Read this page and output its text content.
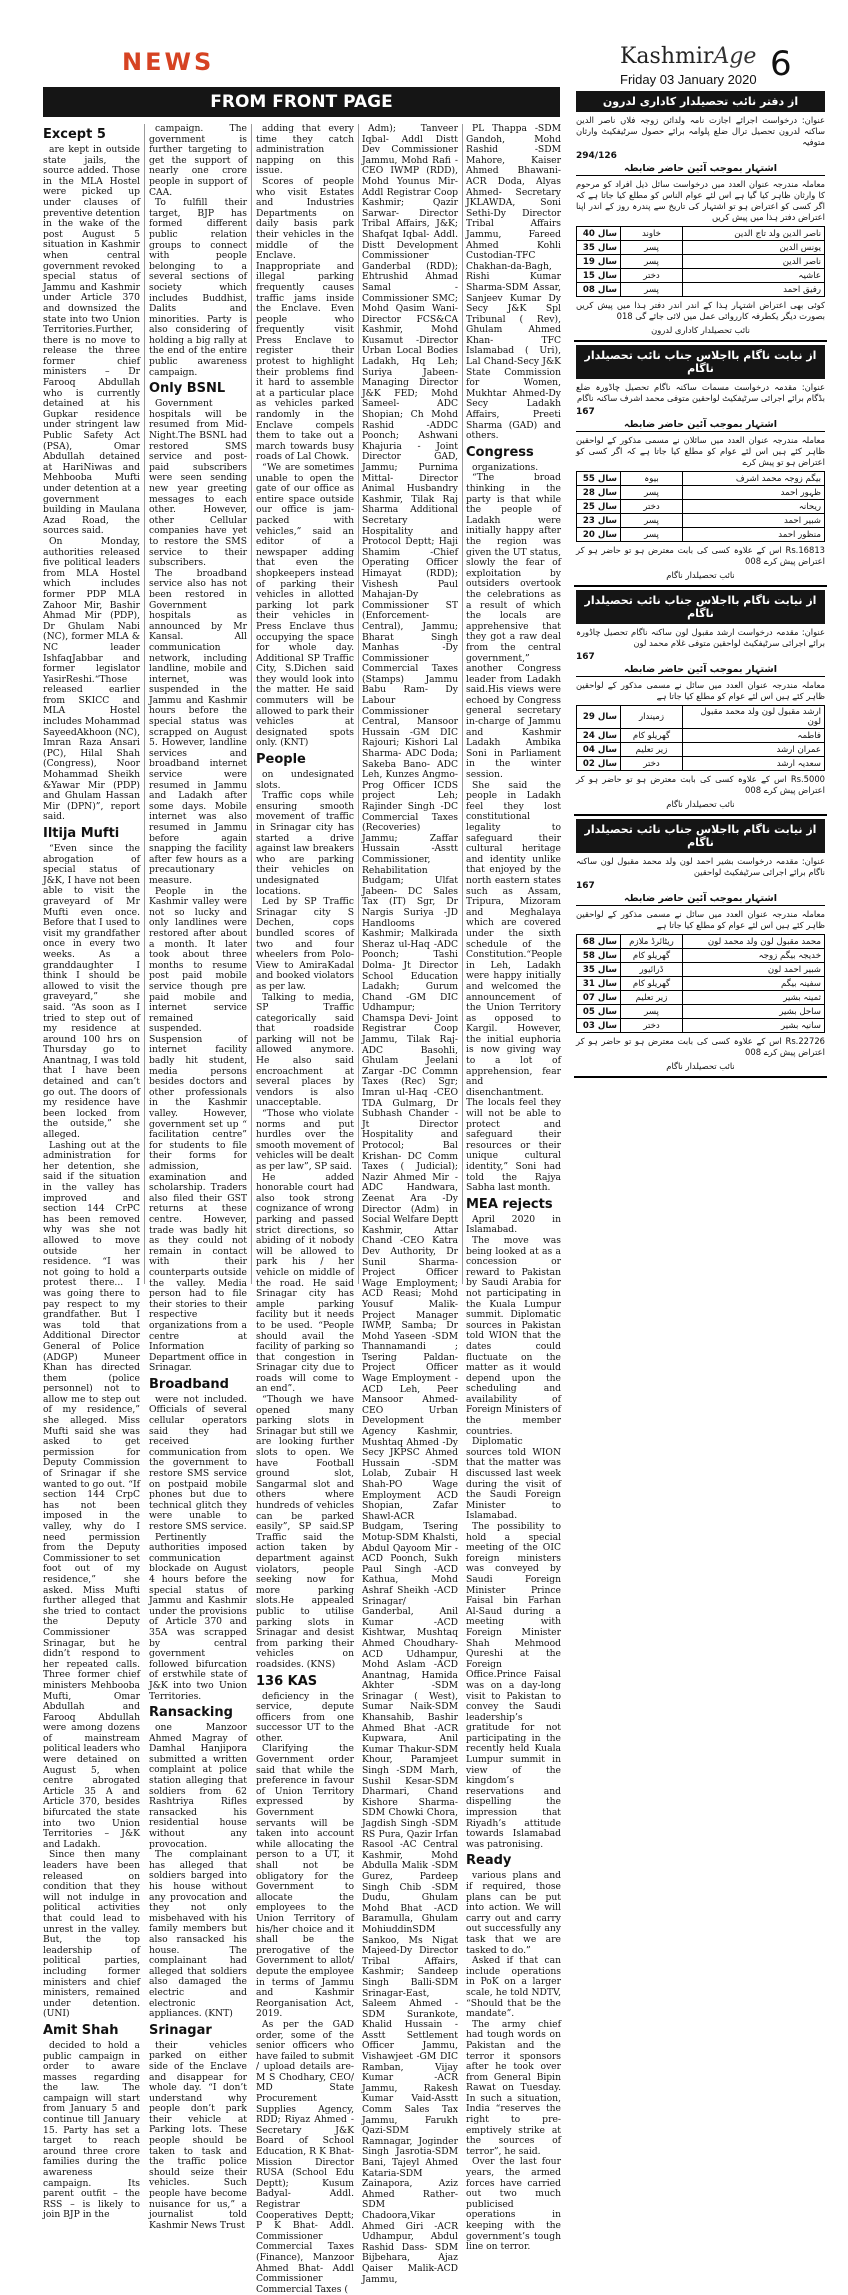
NEWS	KashmirAge
Friday 03 January 2020 6
FROM FRONT PAGE
Except 5

are kept in outside state jails, the source added. Those in the MLA Hostel were picked up under clauses of preventive detention in the wake of the post August 5 situation in Kashmir when central government revoked special status of Jammu and Kashmir under Article 370 and downsized the state into two Union Territories.Further, there is no move to release the three former chief ministers – Dr Farooq Abdullah who is currently detained at his Gupkar residence under stringent law Public Safety Act (PSA), Omar Abdullah detained at HariNiwas and Mehbooba Mufti under detention at a government building in Maulana Azad Road, the sources said.

On Monday, authorities released five political leaders from MLA Hostel which includes former PDP MLA Zahoor Mir, Bashir Ahmad Mir (PDP), Dr Ghulam Nabi (NC), former MLA & NC leader IshfaqJabbar and former legislator YasirReshi.“Those released earlier from SKICC and MLA Hostel includes Mohammad SayeedAkhoon (NC), Imran Raza Ansari (PC), Hilal Shah (Congress), Noor Mohammad Sheikh &Yawar Mir (PDP) and Ghulam Hassan Mir (DPN)”, report said.

Iltija Mufti

“Even since the abrogation of special status of J&K, I have not been able to visit the graveyard of Mr Mufti even once. Before that I used to visit my grandfather once in every two weeks. As a granddaughter I think I should be allowed to visit the graveyard,” she said. “As soon as I tried to step out of my residence at around 100 hrs on Thursday go to Anantnag, I was told that I have been detained and can’t go out. The doors of my residence have been locked from the outside,” she alleged.

Lashing out at the administration for her detention, she said if the situation in the valley has improved and section 144 CrPC has been removed why was she not allowed to move outside her residence. “I was not going to hold a protest there... I was going there to pay respect to my grandfather. But I was told that Additional Director General of Police (ADGP) Muneer Khan has directed them (police personnel) not to allow me to step out of my residence,” she alleged. Miss Mufti said she was asked to get permission for Deputy Commission of Srinagar if she wanted to go out. “If section 144 CrpC has not been imposed in the valley, why do I need permission from the Deputy Commissioner to set foot out of my residence,” she asked. Miss Mufti further alleged that she tried to contact the Deputy Commissioner Srinagar, but he didn’t respond to her repeated calls. Three former chief ministers Mehbooba Mufti, Omar Abdullah and Farooq Abdullah were among dozens of mainstream political leaders who were detained on August 5, when centre abrogated Article 35 A and Article 370, besides bifurcated the state into two Union Territories – J&K and Ladakh.

Since then many leaders have been released on condition that they will not indulge in political activities that could lead to unrest in the valley. But, the top leadership of political parties, including former ministers and chief ministers, remained under detention. (UNI)

Amit Shah

decided to hold a public campaign in order to aware masses regarding the law. The campaign will start from January 5 and continue till January 15. Party has set a target to reach around three crore families during the awareness campaign. Its parent outfit – the RSS – is likely to join BJP in the

campaign. The government is further targeting to get the support of nearly one crore people in support of CAA.

To fulfill their target, BJP has formed different public relation groups to connect with people belonging to a several sections of society which includes Buddhist, Dalits and minorities. Party is also considering of holding a big rally at the end of the entire public awareness campaign.

Only BSNL

Government hospitals will be resumed from Mid-Night.The BSNL had restored SMS service and post-paid subscribers were seen sending new year greeting messages to each other. However, other Cellular companies have yet to restore the SMS service to their subscribers.

The broadband service also has not been restored in Government hospitals as announced by Mr Kansal. All communication network, including landline, mobile and internet, was suspended in the Jammu and Kashmir hours before the special status was scrapped on August 5. However, landline services and broadband internet service were resumed in Jammu and Ladakh after some days. Mobile internet was also resumed in Jammu before again snapping the facility after few hours as a precautionary measure.

People in the Kashmir valley were not so lucky and only landlines were restored after about a month. It later took about three months to resume post paid mobile service though pre paid mobile and internet service remained suspended. Suspension of internet facility badly hit student, media persons besides doctors and other professionals in the Kashmir valley. However, government set up “ facilitation centre” for students to file their forms for admission, examination and scholarship. Traders also filed their GST returns at these centre. However, trade was badly hit as they could not remain in contact with their counterparts outside the valley. Media person had to file their stories to their respective organizations from a centre at Information Department office in Srinagar.

Broadband

were not included. Officials of several cellular operators said they had received communication from the government to restore SMS service on postpaid mobile phones but due to technical glitch they were unable to restore SMS service.

Pertinently authorities imposed communication blockade on August 4 hours before the special status of Jammu and Kashmir under the provisions of Article 370 and 35A was scrapped by central government followed bifurcation of erstwhile state of J&K into two Union Territories.

Ransacking

one Manzoor Ahmed Magray of Damhal Hanjipora submitted a written complaint at police station alleging that soldiers from 62 Rashtriya Rifles ransacked his residential house without any provocation.

The complainant has alleged that soldiers barged into his house without any provocation and they not only misbehaved with his family members but also ransacked his house. The complainant had alleged that soldiers also damaged the electric and electronic appliances. (KNT)

Srinagar

their vehicles parked on either side of the Enclave and disappear for whole day. “I don’t understand why people don’t park their vehicle at Parking lots. These people should be taken to task and the traffic police should seize their vehicles. Such people have become nuisance for us,” a journalist told Kashmir News Trust

adding that every time they catch administration napping on this issue.

Scores of people who visit Estates and Industries Departments on daily basis park their vehicles in the middle of the Enclave. Inappropriate and illegal parking frequently causes traffic jams inside the Enclave. Even people who frequently visit Press Enclave to register their protest to highlight their problems find it hard to assemble at a particular place as vehicles parked randomly in the Enclave compels them to take out a march towards busy roads of Lal Chowk.

“We are sometimes unable to open the gate of our office as entire space outside our office is jam-packed with vehicles,” said an editor of a newspaper adding that even the shopkeepers instead of parking their vehicles in allotted parking lot park their vehicles in Press Enclave thus occupying the space for whole day. Additional SP Traffic City, S.Dichen said they would look into the matter. He said commuters will be allowed to park their vehicles at designated spots only. (KNT)

People

on undesignated slots.

Traffic cops while ensuring smooth movement of traffic in Srinagar city has started a drive against law breakers who are parking their vehicles on undesignated locations.

Led by SP Traffic Srinagar city S Dechen, cops bundled scores of two and four wheelers from Polo-View to AmiraKadal and booked violators as per law.

Talking to media, SP Traffic categorically said that roadside parking will not be allowed anymore. He also said encroachment at several places by vendors is also unacceptable.

“Those who violate norms and put hurdles over the smooth movement of vehicles will be dealt as per law”, SP said.

He added honorable court had also took strong cognizance of wrong parking and passed strict directions, so abiding of it nobody will be allowed to park his / her vehicle on middle of the road. He said Srinagar city has ample parking facility but it needs to be used. “People should avail the facility of parking so that congestion in Srinagar city due to roads will come to an end”.

“Though we have opened many parking slots in Srinagar but still we are looking further slots to open. We have Football ground slot, Sangarmal slot and others where hundreds of vehicles can be parked easily”, SP said.SP Traffic said the action taken by department against violators, people seeking now for more parking slots.He appealed public to utilise parking slots in Srinagar and desist from parking their vehicles on roadsides. (KNS)

136 KAS

deficiency in the service, depute officers from one successor UT to the other.

Clarifying the Government order said that while the preference in favour of Union Territory expressed by Government servants will be taken into account while allocating the person to a UT, it shall not be obligatory for the Government to allocate the employees to the Union Territory of his/her choice and it shall be the prerogative of the Government to allot/ depute the employee in terms of Jammu and Kashmir Reorganisation Act, 2019.

As per the GAD order, some of the senior officers who have failed to submit / upload details are- M S Chodhary, CEO/ MD State Procurement Supplies Agency, RDD; Riyaz Ahmed -Secretary J&K Board of School Education, R K Bhat- Mission Director RUSA (School Edu Deptt); Kusum Badyal- Addl. Registrar Cooperatives Deptt; P K Bhat- Addl. Commissioner Commercial Taxes (Finance), Manzoor Ahmed Bhat- Addl Commissioner Commercial Taxes (

Adm); Tanveer Iqbal- Addl Distt Dev Commissioner Jammu, Mohd Rafi -CEO IWMP (RDD), Mohd Younus Mir- Addl Registrar Coop Kashmir; Qazir Sarwar- Director Tribal Affairs, J&K; Shafqat Iqbal- Addl. Distt Development Commissioner Ganderbal (RDD); Ehtrushid Ahmad Samal -Commissioner SMC; Mohd Qasim Wani- Director FCS&CA Kashmir, Mohd Kusamut -Director Urban Local Bodies Ladakh, Hq Leh; Suriya Jabeen- Managing Director J&K FED; Mohd Sameel- ADC Shopian; Ch Mohd Rashid -ADDC Poonch; Ashwani Khajuria - Joint Director GAD, Jammu; Purnima Mittal- Director Animal Husbandry Kashmir, Tilak Raj Sharma Additional Secretary Hospitality and Protocol Deptt; Haji Shamim -Chief Operating Officer Himayat (RDD); Vishesh Paul Mahajan-Dy Commissioner ST (Enforcement-Central), Jammu; Bharat Singh Manhas -Dy Commissioner Commercial Taxes (Stamps) Jammu Babu Ram- Dy Labour Commissioner Central, Mansoor Hussain -GM DIC Rajouri; Kishori Lal Sharma- ADC Doda; Sakeba Bano- ADC Leh, Kunzes Angmo- Prog Officer ICDS project Leh; Rajinder Singh -DC Commercial Taxes (Recoveries) Jammu; Zaffar Hussain -Asstt Commissioner, Rehabilitation Budgam; Ulfat Jabeen- DC Sales Tax (IT) Sgr, Dr Nargis Suriya -JD Handlooms Kashmir; Malkirada Sheraz ul-Haq -ADC Poonch; Tashi Dolma- Jt Director School Education Ladakh; Gurum Chand -GM DIC Udhampur; Chamspa Devi- Joint Registrar Coop Jammu, Tilak Raj- ADC Basohli, Ghulam Jeelani Zargar -DC Commn Taxes (Rec) Sgr; Imran ul-Haq -CEO TDA Gulmarg, Dr Subhash Chander -Jt Director Hospitality and Protocol; Bal Krishan- DC Comm Taxes ( Judicial); Nazir Ahmed Mir -ADC Handwara, Zeenat Ara -Dy Director (Adm) in Social Welfare Deptt Kashmir, Attar Chand -CEO Katra Dev Authority, Dr Sunil Sharma- Project Officer Wage Employment; ACD Reasi; Mohd Yousuf Malik- Project Manager IWMP, Samba; Dr Mohd Yaseen -SDM Thannamandi ; Tsering Paldan- Project Officer Wage Employment -ACD Leh, Peer Mansoor Ahmed- CEO Urban Development Agency Kashmir, Mushtaq Ahmed -Dy Secy JKPSC Ahmed Hussain -SDM Lolab, Zubair H Shah-PO Wage Employment ACD Shopian, Zafar Shawl-ACR Budgam, Tsering Motup-SDM Khalsti, Abdul Qayoom Mir -ACD Poonch, Sukh Paul Singh -ACD Kathua, Mohd Ashraf Sheikh -ACD Srinagar/ Ganderbal, Anil Kumar -ACD Kishtwar, Mushtaq Ahmed Choudhary-ACD Udhampur, Mohd Aslam -ACD Anantnag, Hamida Akhter -SDM Srinagar ( West), Sumar Naik-SDM Khansahib, Bashir Ahmed Bhat -ACR Kupwara, Anil Kumar Thakur-SDM Khour, Paramjeet Singh -SDM Marh, Sushil Kesar-SDM Dharmari, Chand Kishore Sharma-SDM Chowki Chora, Jagdish Singh -SDM RS Pura, Qazir Irfan Rasool -AC Central Kashmir, Mohd Abdulla Malik -SDM Gurez, Pardeep Singh Chib -SDM Dudu, Ghulam Mohd Bhat -ACD Baramulla, Ghulam MohiuddinSDM Sankoo, Ms Nigat Majeed-Dy Director Tribal Affairs, Kashmir; Sandeep Singh Balli-SDM Srinagar-East, Saleem Ahmed -SDM Surankote, Khalid Hussain -Asstt Settlement Officer Jammu, Vishawjeet -GM DIC Ramban, Vijay Kumar -ACR Jammu, Rakesh Kumar Vaid-Asstt Comm Sales Tax Jammu, Farukh Qazi-SDM Ramnagar, Joginder Singh Jasrotia-SDM Bani, Tajeyl Ahmed Kataria-SDM Zainapora, Aziz Ahmed Rather- SDM Chadoora,Vikar Ahmed Giri -ACR Udhampur, Abdul Rashid Dass- SDM Bijbehara, Ajaz Qaiser Malik-ACD Jammu,

PL Thappa -SDM Gandoh, Mohd Rashid -SDM Mahore, Kaiser Ahmed Bhawani- ACR Doda, Alyas Ahmed- Secretary JKLAWDA, Soni Sethi-Dy Director Tribal Affairs Jammu, Fareed Ahmed Kohli Custodian-TFC Chakhan-da-Bagh, Rishi Kumar Sharma-SDM Assar, Sanjeev Kumar Dy Secy J&K Spl Tribunal ( Rev), Ghulam Ahmed Khan- TFC Islamabad ( Uri), Lal Chand-Secy J&K State Commission for Women, Mukhtar Ahmed-Dy Secy Ladakh Affairs, Preeti Sharma (GAD) and others.

Congress

organizations.

“The broad thinking in the party is that while the people of Ladakh were initially happy after the region was given the UT status, slowly the fear of exploitation by outsiders overtook the celebrations as a result of which the locals are apprehensive that they got a raw deal from the central government,” another Congress leader from Ladakh said.His views were echoed by Congress general secretary in-charge of Jammu and Kashmir Ladakh Ambika Soni in Parliament in the winter session.

She said the people in Ladakh feel they lost constitutional legality to safeguard their cultural heritage and identity unlike that enjoyed by the north eastern states such as Assam, Tripura, Mizoram and Meghalaya which are covered under the sixth schedule of the Constitution.“People in Leh, Ladakh were happy initially and welcomed the announcement of the Union Territory as opposed to Kargil. However, the initial euphoria is now giving way to a lot of apprehension, fear and disenchantment. The locals feel they will not be able to protect and safeguard their resources or their unique cultural identity,” Soni had told the Rajya Sabha last month.

MEA rejects

April 2020 in Islamabad.

The move was being looked at as a concession or reward to Pakistan by Saudi Arabia for not participating in the Kuala Lumpur summit. Diplomatic sources in Pakistan told WION that the dates could fluctuate on the matter as it would depend upon the scheduling and availability of Foreign Ministers of the member countries.

Diplomatic sources told WION that the matter was discussed last week during the visit of the Saudi Foreign Minister to Islamabad.

The possibility to hold a special meeting of the OIC foreign ministers was conveyed by Saudi Foreign Minister Prince Faisal bin Farhan Al-Saud during a meeting with Foreign Minister Shah Mehmood Qureshi at the Foreign Office.Prince Faisal was on a day-long visit to Pakistan to convey the Saudi leadership’s gratitude for not participating in the recently held Kuala Lumpur summit in view of the kingdom’s reservations and dispelling the impression that Riyadh’s attitude towards Islamabad was patronising.

Ready

various plans and if required, those plans can be put into action. We will carry out and carry out successfully any task that we are tasked to do.”

Asked if that can include operations in PoK on a larger scale, he told NDTV, “Should that be the mandate”.

The army chief had tough words on Pakistan and the terror it sponsors after he took over from General Bipin Rawat on Tuesday. In such a situation, India “reserves the right to pre-emptively strike at the sources of terror”, he said.

Over the last four years, the armed forces have carried out two much publicised operations in keeping with the government’s tough line on terror.

از دفتر نائب تحصیلدار کاداری لدرون
عنوان: درخواست اجرائے اجازت نامہ ولدائن زوجہ فلاں ناصر الدین ساکنہ لدرون تحصیل ترال ضلع پلوامہ برائے حصول سرٹیفکیٹ وارثان متوفیہ
294/126
اشتہار بموجب آئین حاضر ضابطہ
معاملہ مندرجہ عنوان العدد میں درخواست سائل ذیل افراد کو مرحوم کا وارثان ظاہر کیا گیا ہے اس لئے عوام الناس کو مطلع کیا جاتا ہے کہ اگر کسی کو اعتراض ہو تو اشتہار کی تاریخ سے پندرہ روز کے اندر اپنا اعتراض دفتر ہذا میں پیش کریں
ناصر الدین ولد تاج الدین	خاوند	40 سال
یونس الدین	پسر	35 سال
ناصر الدین	پسر	19 سال
عاشیہ	دختر	15 سال
رفیق احمد	پسر	08 سال
کوئی بھی اعتراض اشتہار ہذا کے اندر اندر دفتر ہذا میں پیش کریں بصورت دیگر یکطرفہ کارروائی عمل میں لائی جائے گی 018
نائب تحصیلدار کاداری لدرون
از نیابت ناگام بااجلاس جناب نائب تحصیلدار ناگام
عنوان: مقدمہ درخواست مسمات ساکنہ ناگام تحصیل چاڈورہ ضلع بڈگام برائے اجرائی سرٹیفکیٹ لواحقین متوفی محمد اشرف ساکنہ ناگام
167
اشتہار بموجب آئین حاضر ضابطہ
معاملہ مندرجہ عنوان العدد میں سائلان نے مسمی مذکور کے لواحقین ظاہر کئے ہیں اس لئے عوام کو مطلع کیا جاتا ہے کہ اگر کسی کو اعتراض ہو تو پیش کرے
بیگم زوجہ محمد اشرف	بیوہ	55 سال
ظہور احمد	پسر	28 سال
ریحانہ	دختر	25 سال
شبیر احمد	پسر	23 سال
منظور احمد	پسر	20 سال
Rs.16813 اس کے علاوہ کسی کی بابت معترض ہو تو حاضر ہو کر اعتراض پیش کرے 008
نائب تحصیلدار ناگام
از نیابت ناگام بااجلاس جناب نائب تحصیلدار ناگام
عنوان: مقدمہ درخواست ارشد مقبول لون ساکنہ ناگام تحصیل چاڈورہ برائے اجرائی سرٹیفکیٹ لواحقین متوفی غلام محمد لون
167
اشتہار بموجب آئین حاضر ضابطہ
معاملہ مندرجہ عنوان العدد میں سائل نے مسمی مذکور کے لواحقین ظاہر کئے ہیں اس لئے عوام کو مطلع کیا جاتا ہے
ارشد مقبول لون ولد محمد مقبول لون	زمیندار	29 سال
فاطمہ	گھریلو کام	24 سال
عمران ارشد	زیر تعلیم	04 سال
سعدیہ ارشد	دختر	02 سال
Rs.5000 اس کے علاوہ کسی کی بابت معترض ہو تو حاضر ہو کر اعتراض پیش کرے 008
نائب تحصیلدار ناگام
از نیابت ناگام بااجلاس جناب نائب تحصیلدار ناگام
عنوان: مقدمہ درخواست بشیر احمد لون ولد محمد مقبول لون ساکنہ ناگام برائے اجرائی سرٹیفکیٹ لواحقین
167
اشتہار بموجب آئین حاضر ضابطہ
معاملہ مندرجہ عنوان العدد میں سائل نے مسمی مذکور کے لواحقین ظاہر کئے ہیں اس لئے عوام کو مطلع کیا جاتا ہے
محمد مقبول لون ولد محمد لون	ریٹائرڈ ملازم	68 سال
خدیجہ بیگم زوجہ	گھریلو کام	58 سال
شبیر احمد لون	ڈرائیور	35 سال
سفینہ بیگم	گھریلو کام	31 سال
ثمینہ بشیر	زیر تعلیم	07 سال
ساحل بشیر	پسر	05 سال
سانیہ بشیر	دختر	03 سال
Rs.22726 اس کے علاوہ کسی کی بابت معترض ہو تو حاضر ہو کر اعتراض پیش کرے 008
نائب تحصیلدار ناگام
